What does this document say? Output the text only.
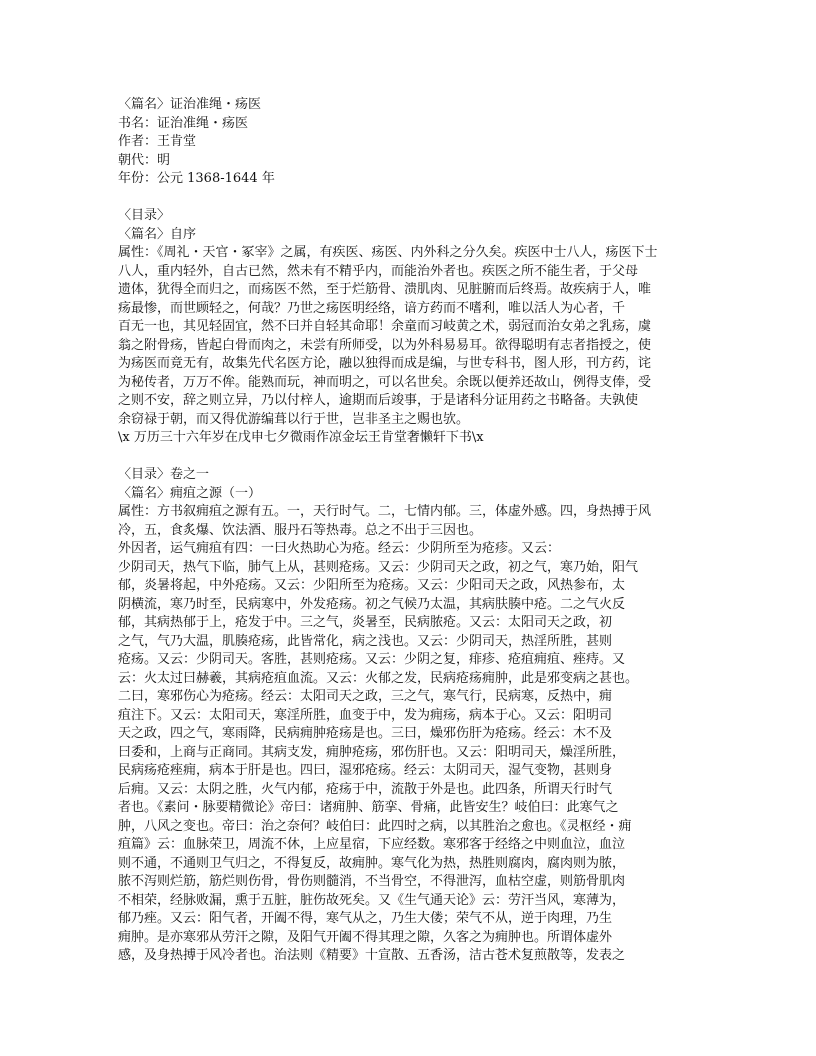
〈篇名〉证治准绳・疡医
书名：证治准绳・疡医
作者：王肯堂
朝代：明
年份：公元 1368-1644 年
〈目录〉
〈篇名〉自序
属性：《周礼・天官・冢宰》之属，有疾医、疡医、内外科之分久矣。疾医中士八人，疡医下士
八人，重内轻外，自古已然，然未有不精乎内，而能治外者也。疾医之所不能生者，于父母
遗体，犹得全而归之，而疡医不然，至于烂筋骨、溃肌肉、见脏腑而后终焉。故疾病于人，唯
疡最惨，而世顾轻之，何哉？乃世之疡医明经络，谙方药而不嗜利，唯以活人为心者，千
百无一也，其见轻固宜，然不曰并自轻其命耶！余童而习岐黄之术，弱冠而治女弟之乳疡，虞
翁之附骨疡，皆起白骨而肉之，未尝有所师受，以为外科易易耳。欲得聪明有志者指授之，使
为疡医而竟无有，故集先代名医方论，融以独得而成是编，与世专科书，图人形，刊方药，诧
为秘传者，万万不侔。能熟而玩，神而明之，可以名世矣。余既以便养还故山，例得支俸，受
之则不安，辞之则立异，乃以付梓人，逾期而后竣事，于是诸科分证用药之书略备。夫孰使
余窃禄于朝，而又得优游编葺以行于世，岂非圣主之赐也欤。
\x 万历三十六年岁在戊申七夕微雨作凉金坛王肯堂奢懒轩下书\x
〈目录〉卷之一
〈篇名〉痈疽之源（一）
属性：方书叙痈疽之源有五。一，天行时气。二，七情内郁。三，体虚外感。四，身热搏于风
冷，五，食炙爆、饮法酒、服丹石等热毒。总之不出于三因也。
外因者，运气痈疽有四：一曰火热助心为疮。经云：少阴所至为疮疹。又云：
少阴司天，热气下临，肺气上从，甚则疮疡。又云：少阴司天之政，初之气，寒乃始，阳气
郁，炎暑将起，中外疮疡。又云：少阳所至为疮疡。又云：少阳司天之政，风热参布，太
阴横流，寒乃时至，民病寒中，外发疮疡。初之气候乃太温，其病肤腠中疮。二之气火反
郁，其病热郁于上，疮发于中。三之气，炎暑至，民病脓疮。又云：太阳司天之政，初
之气，气乃大温，肌腠疮疡，此皆常化，病之浅也。又云：少阴司天，热淫所胜，甚则
疮疡。又云：少阴司天。客胜，甚则疮疡。又云：少阴之复，痱疹、疮疽痈疽、痤痔。又
云：火太过曰赫羲，其病疮疽血流。又云：火郁之发，民病疮疡痈肿，此是邪变病之甚也。
二曰，寒邪伤心为疮疡。经云：太阳司天之政，三之气，寒气行，民病寒，反热中，痈
疽注下。又云：太阳司天，寒淫所胜，血变于中，发为痈疡，病本于心。又云：阳明司
天之政，四之气，寒雨降，民病痈肿疮疡是也。三曰，燥邪伤肝为疮疡。经云：木不及
曰委和，上商与正商同。其病支发，痈肿疮疡，邪伤肝也。又云：阳明司天，燥淫所胜，
民病疡疮痤痈，病本于肝是也。四曰，湿邪疮疡。经云：太阴司天，湿气变物，甚则身
后痈。又云：太阴之胜，火气内郁，疮疡于中，流散于外是也。此四条，所谓天行时气
者也。《素问・脉要精微论》帝曰：诸痈肿、筋挛、骨痛，此皆安生？岐伯曰：此寒气之
肿，八风之变也。帝曰：治之奈何？岐伯曰：此四时之病，以其胜治之愈也。《灵枢经・痈
疽篇》云：血脉荣卫，周流不休，上应星宿，下应经数。寒邪客于经络之中则血泣，血泣
则不通，不通则卫气归之，不得复反，故痈肿。寒气化为热，热胜则腐肉，腐肉则为脓，
脓不泻则烂筋，筋烂则伤骨，骨伤则髓消，不当骨空，不得泄泻，血枯空虚，则筋骨肌肉
不相荣，经脉败漏，熏于五脏，脏伤故死矣。又《生气通天论》云：劳汗当风，寒薄为，
郁乃痤。又云：阳气者，开阖不得，寒气从之，乃生大偻；荣气不从，逆于肉理，乃生
痈肿。是亦寒邪从劳汗之隙，及阳气开阖不得其理之隙，久客之为痈肿也。所谓体虚外
感，及身热搏于风冷者也。治法则《精要》十宣散、五香汤，洁古苍术复煎散等，发表之
